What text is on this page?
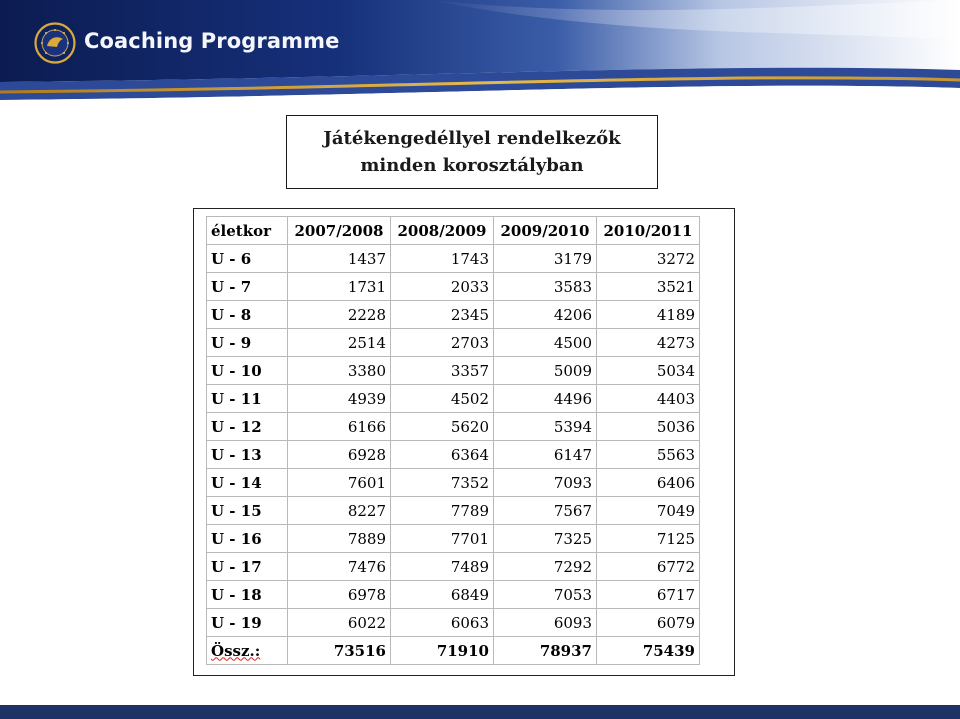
Coaching Programme
Játékengedéllyel rendelkezők
minden korosztályban
életkor	2007/2008	2008/2009	2009/2010	2010/2011
U - 6	1437	1743	3179	3272
U - 7	1731	2033	3583	3521
U - 8	2228	2345	4206	4189
U - 9	2514	2703	4500	4273
U - 10	3380	3357	5009	5034
U - 11	4939	4502	4496	4403
U - 12	6166	5620	5394	5036
U - 13	6928	6364	6147	5563
U - 14	7601	7352	7093	6406
U - 15	8227	7789	7567	7049
U - 16	7889	7701	7325	7125
U - 17	7476	7489	7292	6772
U - 18	6978	6849	7053	6717
U - 19	6022	6063	6093	6079
Össz.:	73516	71910	78937	75439
